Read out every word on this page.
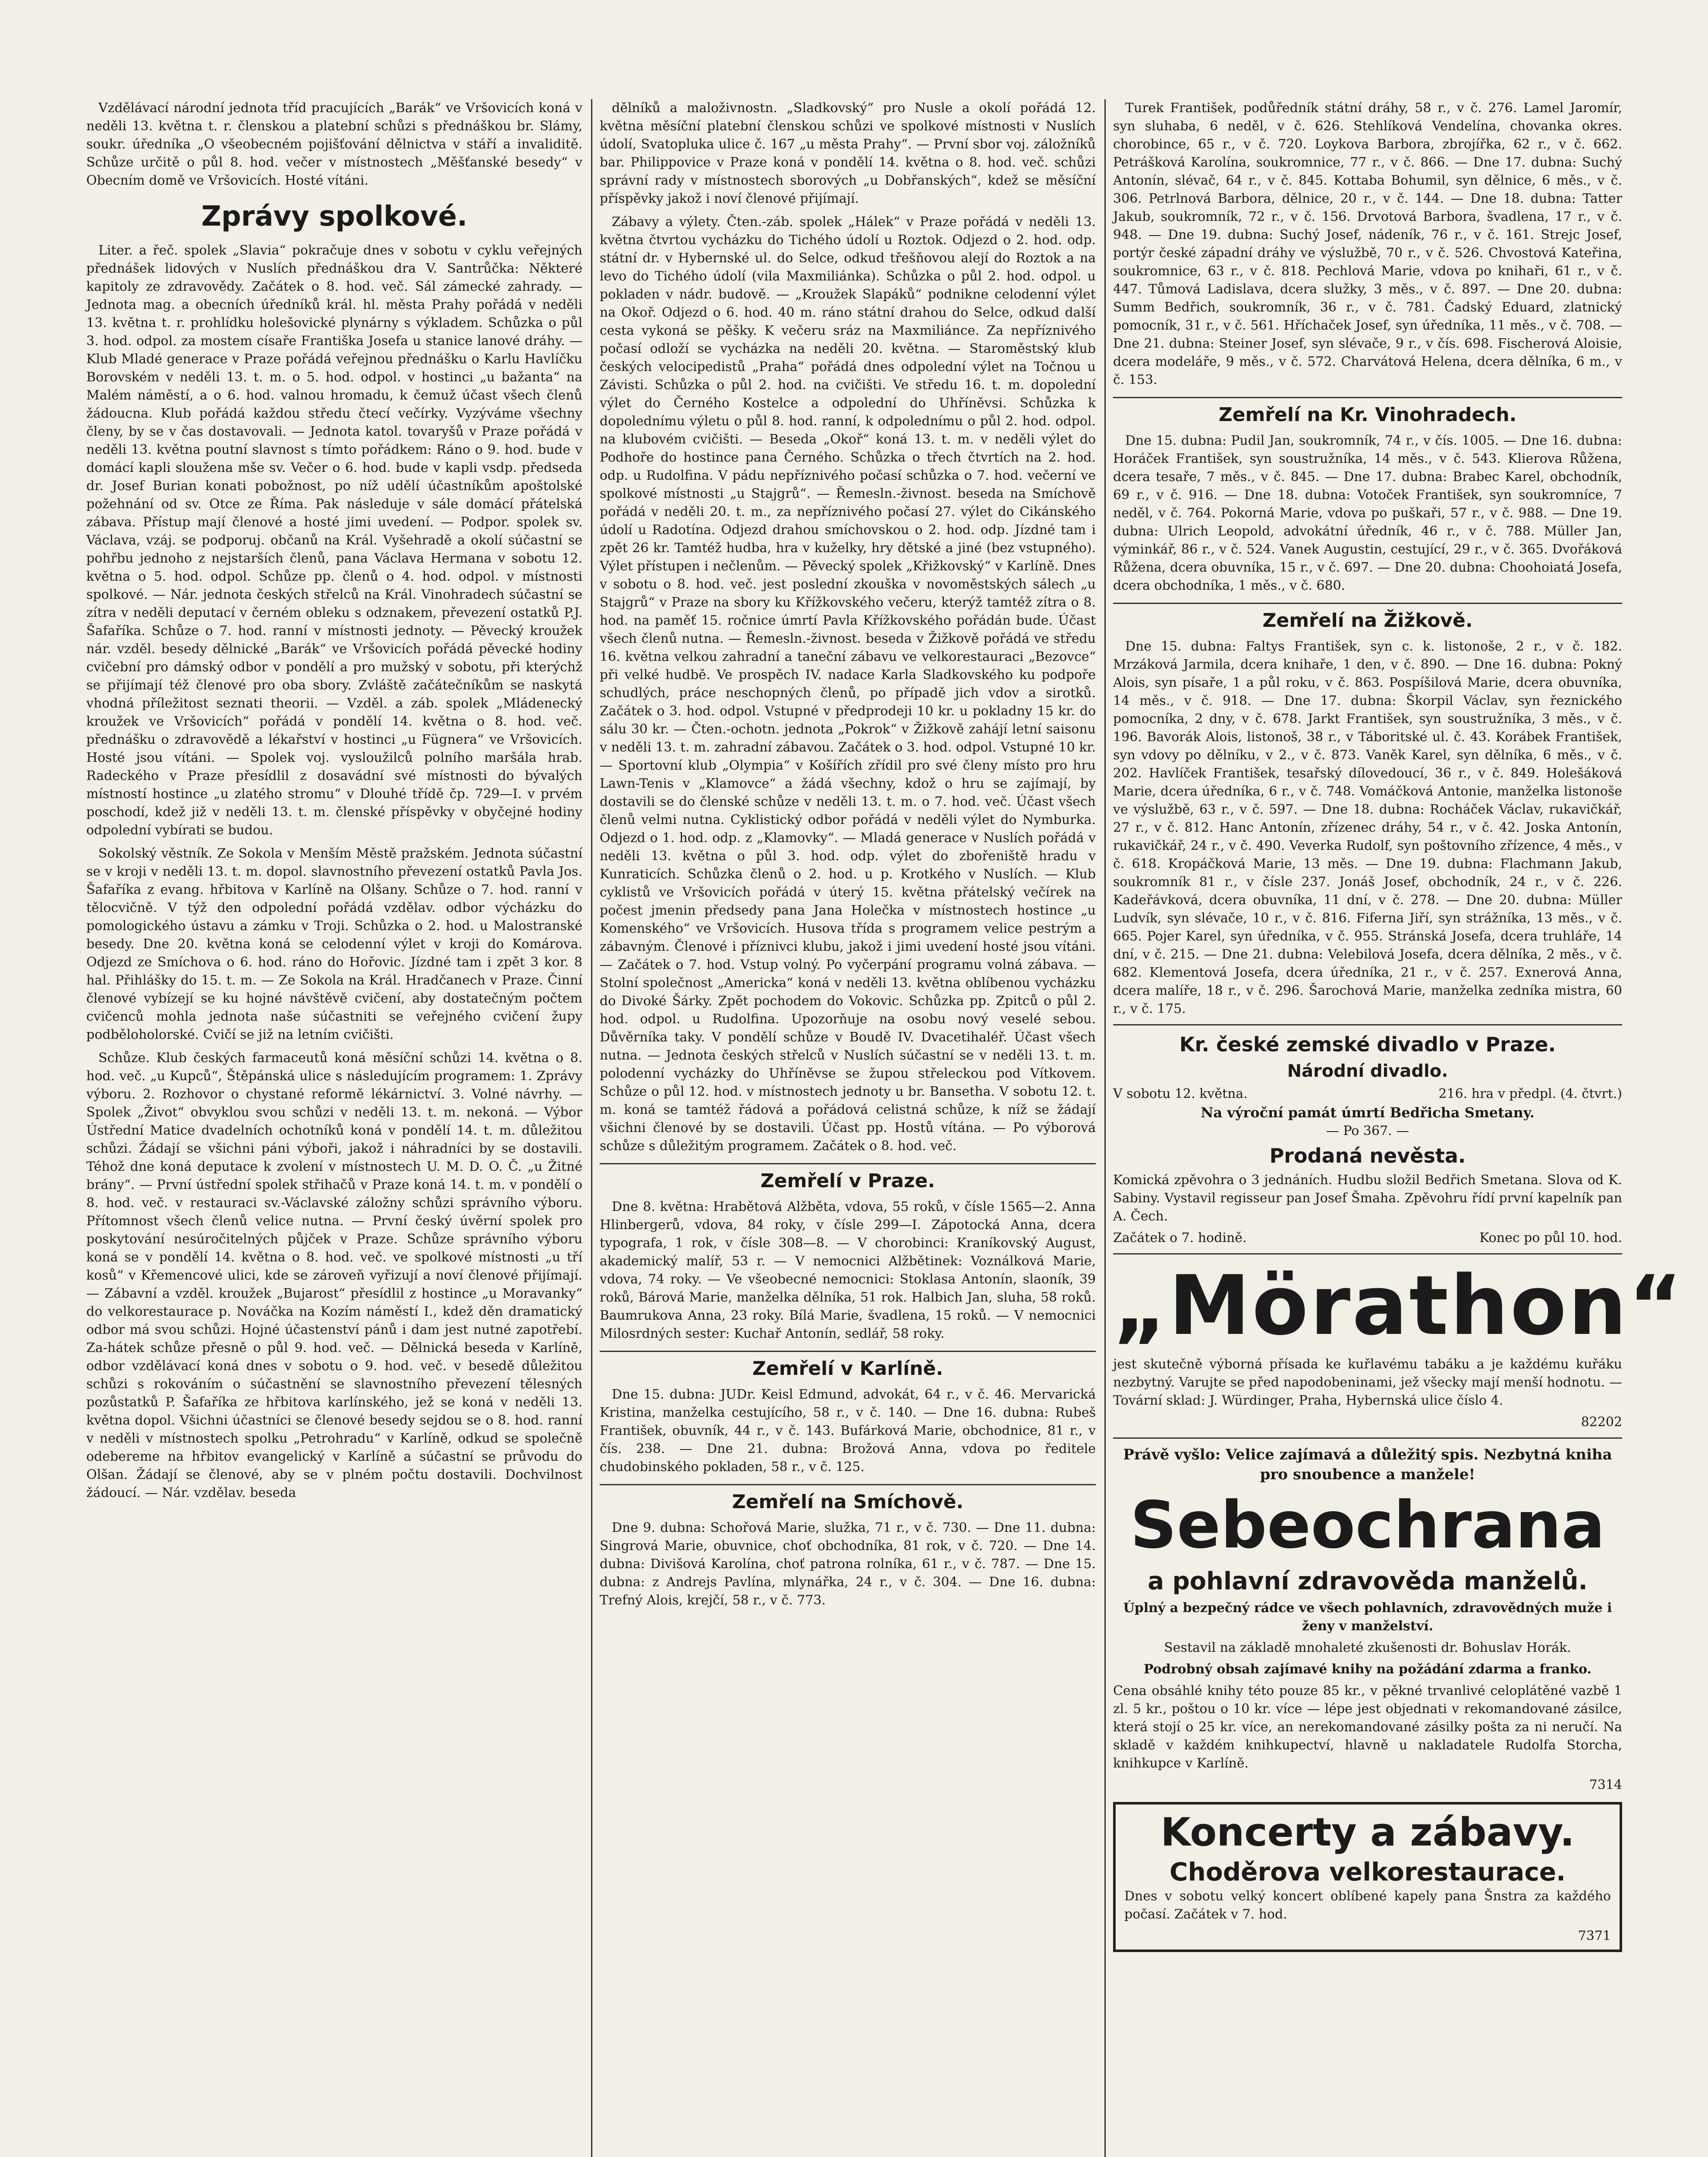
Vzdělávací národní jednota tříd pracujících „Barák“ ve Vršovicích koná v neděli 13. května t. r. členskou a platební schůzi s přednáškou br. Slámy, soukr. úředníka „O všeobecném pojišťování dělnictva v stáří a invaliditě. Schůze určitě o půl 8. hod. večer v místnostech „Měšťanské besedy“ v Obecním domě ve Vršovicích. Hosté vítáni.

Zprávy spolkové.

Liter. a řeč. spolek „Slavia“ pokračuje dnes v sobotu v cyklu veřejných přednášek lidových v Nuslích přednáškou dra V. Santrůčka: Některé kapitoly ze zdravovědy. Začátek o 8. hod. več. Sál zámecké zahrady. — Jednota mag. a obecních úředníků král. hl. města Prahy pořádá v neděli 13. května t. r. prohlídku holešovické plynárny s výkladem. Schůzka o půl 3. hod. odpol. za mostem císaře Františka Josefa u stanice lanové dráhy. — Klub Mladé generace v Praze pořádá veřejnou přednášku o Karlu Havlíčku Borovském v neděli 13. t. m. o 5. hod. odpol. v hostinci „u bažanta“ na Malém náměstí, a o 6. hod. valnou hromadu, k čemuž účast všech členů žádoucna. Klub pořádá každou středu čtecí večírky. Vyzýváme všechny členy, by se v čas dostavovali. — Jednota katol. tovaryšů v Praze pořádá v neděli 13. května poutní slavnost s tímto pořádkem: Ráno o 9. hod. bude v domácí kapli sloužena mše sv. Večer o 6. hod. bude v kapli vsdp. předseda dr. Josef Burian konati pobožnost, po níž udělí účastníkům apoštolské požehnání od sv. Otce ze Říma. Pak následuje v sále domácí přátelská zábava. Přístup mají členové a hosté jimi uvedení. — Podpor. spolek sv. Václava, vzáj. se podporuj. občanů na Král. Vyšehradě a okolí súčastní se pohřbu jednoho z nejstarších členů, pana Václava Hermana v sobotu 12. května o 5. hod. odpol. Schůze pp. členů o 4. hod. odpol. v místnosti spolkové. — Nár. jednota českých střelců na Král. Vinohradech súčastní se zítra v neděli deputací v černém obleku s odznakem, převezení ostatků P.J. Šafaříka. Schůze o 7. hod. ranní v místnosti jednoty. — Pěvecký kroužek nár. vzděl. besedy dělnické „Barák“ ve Vršovicích pořádá pěvecké hodiny cvičební pro dámský odbor v pondělí a pro mužský v sobotu, při kterýchž se přijímají též členové pro oba sbory. Zvláště začátečníkům se naskytá vhodná příležitost seznati theorii. — Vzděl. a záb. spolek „Mládenecký kroužek ve Vršovicích“ pořádá v pondělí 14. května o 8. hod. več. přednášku o zdravovědě a lékařství v hostinci „u Fügnera“ ve Vršovicích. Hosté jsou vítáni. — Spolek voj. vysloužilců polního maršála hrab. Radeckého v Praze přesídlil z dosavádní své místnosti do bývalých místností hostince „u zlatého stromu“ v Dlouhé třídě čp. 729—I. v prvém poschodí, kdež již v neděli 13. t. m. členské příspěvky v obyčejné hodiny odpolední vybírati se budou.

Sokolský věstník. Ze Sokola v Menším Městě pražském. Jednota súčastní se v kroji v neděli 13. t. m. dopol. slavnostního převezení ostatků Pavla Jos. Šafaříka z evang. hřbitova v Karlíně na Olšany. Schůze o 7. hod. ranní v tělocvičně. V týž den odpolední pořádá vzdělav. odbor výcházku do pomologického ústavu a zámku v Troji. Schůzka o 2. hod. u Malostranské besedy. Dne 20. května koná se celodenní výlet v kroji do Komárova. Odjezd ze Smíchova o 6. hod. ráno do Hořovic. Jízdné tam i zpět 3 kor. 8 hal. Přihlášky do 15. t. m. — Ze Sokola na Král. Hradčanech v Praze. Činní členové vybízejí se ku hojné návštěvě cvičení, aby dostatečným počtem cvičenců mohla jednota naše súčastniti se veřejného cvičení župy podběloholorské. Cvičí se již na letním cvičišti.

Schůze. Klub českých farmaceutů koná měsíční schůzi 14. května o 8. hod. več. „u Kupců“, Štěpánská ulice s následujícím programem: 1. Zprávy výboru. 2. Rozhovor o chystané reformě lékárnictví. 3. Volné návrhy. — Spolek „Život“ obvyklou svou schůzi v neděli 13. t. m. nekoná. — Výbor Ústřední Matice dvadelních ochotníků koná v pondělí 14. t. m. důležitou schůzi. Žádají se všichni páni výboři, jakož i náhradníci by se dostavili. Téhož dne koná deputace k zvolení v místnostech U. M. D. O. Č. „u Žitné brány“. — První ústřední spolek střihačů v Praze koná 14. t. m. v pondělí o 8. hod. več. v restauraci sv.-Václavské záložny schůzi správního výboru. Přítomnost všech členů velice nutna. — První český úvěrní spolek pro poskytování nesúročitelných půjček v Praze. Schůze správního výboru koná se v pondělí 14. května o 8. hod. več. ve spolkové místnosti „u tří kosů“ v Křemencové ulici, kde se zároveň vyřizují a noví členové přijímají. — Zábavní a vzděl. kroužek „Bujarost“ přesídlil z hostince „u Moravanky“ do velkorestaurace p. Nováčka na Kozím náměstí I., kdež děn dramatický odbor má svou schůzi. Hojné účastenství pánů i dam jest nutné zapotřebí. Za-hátek schůze přesně o půl 9. hod. več. — Dělnická beseda v Karlíně, odbor vzdělávací koná dnes v sobotu o 9. hod. več. v besedě důležitou schůzi s rokováním o súčastnění se slavnostního převezení tělesných pozůstatků P. Šafaříka ze hřbitova karlínského, jež se koná v neděli 13. května dopol. Všichni účastníci se členové besedy sejdou se o 8. hod. ranní v neděli v místnostech spolku „Petrohradu“ v Karlíně, odkud se společně odebereme na hřbitov evangelický v Karlíně a súčastní se průvodu do Olšan. Žádají se členové, aby se v plném počtu dostavili. Dochvilnost žádoucí. — Nár. vzdělav. beseda

dělníků a maloživnostn. „Sladkovský“ pro Nusle a okolí pořádá 12. května měsíční platební členskou schůzi ve spolkové místnosti v Nuslích údolí, Svatopluka ulice č. 167 „u města Prahy“. — První sbor voj. záložníků bar. Philippovice v Praze koná v pondělí 14. května o 8. hod. več. schůzi správní rady v místnostech sborových „u Dobřanských“, kdež se měsíční příspěvky jakož i noví členové přijímají.

Zábavy a výlety. Čten.-záb. spolek „Hálek“ v Praze pořádá v neděli 13. května čtvrtou vycházku do Tichého údolí u Roztok. Odjezd o 2. hod. odp. státní dr. v Hybernské ul. do Selce, odkud třešňovou alejí do Roztok a na levo do Tichého údolí (vila Maxmiliánka). Schůzka o půl 2. hod. odpol. u pokladen v nádr. budově. — „Kroužek Slapáků“ podnikne celodenní výlet na Okoř. Odjezd o 6. hod. 40 m. ráno státní drahou do Selce, odkud další cesta vykoná se pěšky. K večeru sráz na Maxmiliánce. Za nepříznivého počasí odloží se vycházka na neděli 20. května. — Staroměstský klub českých velocipedistů „Praha“ pořádá dnes odpolední výlet na Točnou u Závisti. Schůzka o půl 2. hod. na cvičišti. Ve středu 16. t. m. dopolední výlet do Černého Kostelce a odpolední do Uhříněvsi. Schůzka k dopolednímu výletu o půl 8. hod. ranní, k odpolednímu o půl 2. hod. odpol. na klubovém cvičišti. — Beseda „Okoř“ koná 13. t. m. v neděli výlet do Podhoře do hostince pana Černého. Schůzka o třech čtvrtích na 2. hod. odp. u Rudolfina. V pádu nepříznivého počasí schůzka o 7. hod. večerní ve spolkové místnosti „u Stajgrů“. — Řemesln.-živnost. beseda na Smíchově pořádá v neděli 20. t. m., za nepříznivého počasí 27. výlet do Cikánského údolí u Radotína. Odjezd drahou smíchovskou o 2. hod. odp. Jízdné tam i zpět 26 kr. Tamtéž hudba, hra v kuželky, hry dětské a jiné (bez vstupného). Výlet přístupen i nečlenům. — Pěvecký spolek „Křižkovský“ v Karlíně. Dnes v sobotu o 8. hod. več. jest poslední zkouška v novoměstských sálech „u Stajgrů“ v Praze na sbory ku Křížkovského večeru, kterýž tamtéž zítra o 8. hod. na paměť 15. ročnice úmrtí Pavla Křížkovského pořádán bude. Účast všech členů nutna. — Řemesln.-živnost. beseda v Žižkově pořádá ve středu 16. května velkou zahradní a taneční zábavu ve velkorestauraci „Bezovce“ při velké hudbě. Ve prospěch IV. nadace Karla Sladkovského ku podpoře schudlých, práce neschopných členů, po případě jich vdov a sirotků. Začátek o 3. hod. odpol. Vstupné v předprodeji 10 kr. u pokladny 15 kr. do sálu 30 kr. — Čten.-ochotn. jednota „Pokrok“ v Žižkově zahájí letní saisonu v neděli 13. t. m. zahradní zábavou. Začátek o 3. hod. odpol. Vstupné 10 kr. — Sportovní klub „Olympia“ v Košířích zřídil pro své členy místo pro hru Lawn-Tenis v „Klamovce“ a žádá všechny, kdož o hru se zajímají, by dostavili se do členské schůze v neděli 13. t. m. o 7. hod. več. Účast všech členů velmi nutna. Cyklistický odbor pořádá v neděli výlet do Nymburka. Odjezd o 1. hod. odp. z „Klamovky“. — Mladá generace v Nuslích pořádá v neděli 13. května o půl 3. hod. odp. výlet do zbořeniště hradu v Kunraticích. Schůzka členů o 2. hod. u p. Krotkého v Nuslích. — Klub cyklistů ve Vršovicích pořádá v úterý 15. května přátelský večírek na počest jmenin předsedy pana Jana Holečka v místnostech hostince „u Komenského“ ve Vršovicích. Husova třída s programem velice pestrým a zábavným. Členové i příznivci klubu, jakož i jimi uvedení hosté jsou vítáni. — Začátek o 7. hod. Vstup volný. Po vyčerpání programu volná zábava. — Stolní společnost „Americka“ koná v neděli 13. května oblíbenou vycházku do Divoké Šárky. Zpět pochodem do Vokovic. Schůzka pp. Zpitců o půl 2. hod. odpol. u Rudolfina. Upozorňuje na osobu nový veselé sebou. Důvěrníka taky. V pondělí schůze v Boudě IV. Dvacetihaléř. Účast všech nutna. — Jednota českých střelců v Nuslích súčastní se v neděli 13. t. m. polodenní vycházky do Uhříněvse se župou střeleckou pod Vítkovem. Schůze o půl 12. hod. v místnostech jednoty u br. Bansetha. V sobotu 12. t. m. koná se tamtéž řádová a pořádová celistná schůze, k níž se žádají všichni členové by se dostavili. Účast pp. Hostů vítána. — Po výborová schůze s důležitým programem. Začátek o 8. hod. več.

Zemřelí v Praze.

Dne 8. května: Hrabětová Alžběta, vdova, 55 roků, v čísle 1565—2. Anna Hlinbergerů, vdova, 84 roky, v čísle 299—I. Zápotocká Anna, dcera typografa, 1 rok, v čísle 308—8. — V chorobinci: Kraníkovský August, akademický malíř, 53 r. — V nemocnici Alžbětinek: Voználková Marie, vdova, 74 roky. — Ve všeobecné nemocnici: Stoklasa Antonín, slaoník, 39 roků, Bárová Marie, manželka dělníka, 51 rok. Halbich Jan, sluha, 58 roků. Baumrukova Anna, 23 roky. Bílá Marie, švadlena, 15 roků. — V nemocnici Milosrdných sester: Kuchař Antonín, sedlář, 58 roky.

Zemřelí v Karlíně.

Dne 15. dubna: JUDr. Keisl Edmund, advokát, 64 r., v č. 46. Mervarická Kristina, manželka cestujícího, 58 r., v č. 140. — Dne 16. dubna: Rubeš František, obuvník, 44 r., v č. 143. Bufárková Marie, obchodnice, 81 r., v čís. 238. — Dne 21. dubna: Brožová Anna, vdova po ředitele chudobinského pokladen, 58 r., v č. 125.

Zemřelí na Smíchově.

Dne 9. dubna: Schořová Marie, služka, 71 r., v č. 730. — Dne 11. dubna: Singrová Marie, obuvnice, choť obchodníka, 81 rok, v č. 720. — Dne 14. dubna: Divišová Karolína, choť patrona rolníka, 61 r., v č. 787. — Dne 15. dubna: z Andrejs Pavlína, mlynářka, 24 r., v č. 304. — Dne 16. dubna: Trefný Alois, krejčí, 58 r., v č. 773.

Turek František, podůředník státní dráhy, 58 r., v č. 276. Lamel Jaromír, syn sluhaba, 6 neděl, v č. 626. Stehlíková Vendelína, chovanka okres. chorobince, 65 r., v č. 720. Loykova Barbora, zbrojířka, 62 r., v č. 662. Petrášková Karolína, soukromnice, 77 r., v č. 866. — Dne 17. dubna: Suchý Antonín, slévač, 64 r., v č. 845. Kottaba Bohumil, syn dělnice, 6 měs., v č. 306. Petrlnová Barbora, dělnice, 20 r., v č. 144. — Dne 18. dubna: Tatter Jakub, soukromník, 72 r., v č. 156. Drvotová Barbora, švadlena, 17 r., v č. 948. — Dne 19. dubna: Suchý Josef, nádeník, 76 r., v č. 161. Strejc Josef, portýr české západní dráhy ve výslužbě, 70 r., v č. 526. Chvostová Kateřina, soukromnice, 63 r., v č. 818. Pechlová Marie, vdova po knihaři, 61 r., v č. 447. Tůmová Ladislava, dcera služky, 3 měs., v č. 897. — Dne 20. dubna: Summ Bedřich, soukromník, 36 r., v č. 781. Čadský Eduard, zlatnický pomocník, 31 r., v č. 561. Hříchaček Josef, syn úředníka, 11 měs., v č. 708. — Dne 21. dubna: Steiner Josef, syn slévače, 9 r., v čís. 698. Fischerová Aloisie, dcera modeláře, 9 měs., v č. 572. Charvátová Helena, dcera dělníka, 6 m., v č. 153.

Zemřelí na Kr. Vinohradech.

Dne 15. dubna: Pudil Jan, soukromník, 74 r., v čís. 1005. — Dne 16. dubna: Horáček František, syn soustružníka, 14 měs., v č. 543. Klierova Růžena, dcera tesaře, 7 měs., v č. 845. — Dne 17. dubna: Brabec Karel, obchodník, 69 r., v č. 916. — Dne 18. dubna: Votoček František, syn soukromníce, 7 neděl, v č. 764. Pokorná Marie, vdova po puškaři, 57 r., v č. 988. — Dne 19. dubna: Ulrich Leopold, advokátní úředník, 46 r., v č. 788. Müller Jan, výminkář, 86 r., v č. 524. Vanek Augustin, cestující, 29 r., v č. 365. Dvořáková Růžena, dcera obuvníka, 15 r., v č. 697. — Dne 20. dubna: Choohoiatá Josefa, dcera obchodníka, 1 měs., v č. 680.

Zemřelí na Žižkově.

Dne 15. dubna: Faltys František, syn c. k. listonoše, 2 r., v č. 182. Mrzáková Jarmila, dcera knihaře, 1 den, v č. 890. — Dne 16. dubna: Pokný Alois, syn písaře, 1 a půl roku, v č. 863. Pospíšilová Marie, dcera obuvníka, 14 měs., v č. 918. — Dne 17. dubna: Škorpil Václav, syn řeznického pomocníka, 2 dny, v č. 678. Jarkt František, syn soustružníka, 3 měs., v č. 196. Bavorák Alois, listonoš, 38 r., v Táboritské ul. č. 43. Korábek František, syn vdovy po dělníku, v 2., v č. 873. Vaněk Karel, syn dělníka, 6 měs., v č. 202. Havlíček František, tesařský dílovedoucí, 36 r., v č. 849. Holešáková Marie, dcera úředníka, 6 r., v č. 748. Vomáčková Antonie, manželka listonoše ve výslužbě, 63 r., v č. 597. — Dne 18. dubna: Rocháček Václav, rukavičkář, 27 r., v č. 812. Hanc Antonín, zřízenec dráhy, 54 r., v č. 42. Joska Antonín, rukavičkář, 24 r., v č. 490. Veverka Rudolf, syn poštovního zřízence, 4 měs., v č. 618. Kropáčková Marie, 13 měs. — Dne 19. dubna: Flachmann Jakub, soukromník 81 r., v čísle 237. Jonáš Josef, obchodník, 24 r., v č. 226. Kadeřávková, dcera obuvníka, 11 dní, v č. 278. — Dne 20. dubna: Müller Ludvík, syn slévače, 10 r., v č. 816. Fiferna Jiří, syn strážníka, 13 měs., v č. 665. Pojer Karel, syn úředníka, v č. 955. Stránská Josefa, dcera truhláře, 14 dní, v č. 215. — Dne 21. dubna: Velebilová Josefa, dcera dělníka, 2 měs., v č. 682. Klementová Josefa, dcera úředníka, 21 r., v č. 257. Exnerová Anna, dcera malíře, 18 r., v č. 296. Šarochová Marie, manželka zedníka mistra, 60 r., v č. 175.

Kr. české zemské divadlo v Praze.
Národní divadlo.
V sobotu 12. května.	216. hra v předpl. (4. čtvrt.)
Na výroční památ úmrtí Bedřicha Smetany.
— Po 367. —
Prodaná nevěsta.

Komická zpěvohra o 3 jednáních. Hudbu složil Bedřich Smetana. Slova od K. Sabiny. Vystavil regisseur pan Josef Šmaha. Zpěvohru řídí první kapelník pan A. Čech.

Začátek o 7. hodině.	Konec po půl 10. hod.
„Mörathon“

jest skutečně výborná přísada ke kuřlavému tabáku a je každému kuřáku nezbytný. Varujte se před napodobeninami, jež všecky mají menší hodnotu. — Tovární sklad: J. Würdinger, Praha, Hybernská ulice číslo 4.

82202
Právě vyšlo: Velice zajímavá a důležitý spis. Nezbytná kniha pro snoubence a manžele!
Sebeochrana
a pohlavní zdravověda manželů.

Úplný a bezpečný rádce ve všech pohlavních, zdravovědných muže i ženy v manželství.

Sestavil na základě mnohaleté zkušenosti dr. Bohuslav Horák.

Podrobný obsah zajímavé knihy na požádání zdarma a franko.

Cena obsáhlé knihy této pouze 85 kr., v pěkné trvanlivé celoplátěné vazbě 1 zl. 5 kr., poštou o 10 kr. více — lépe jest objednati v rekomandované zásilce, která stojí o 25 kr. více, an nerekomandované zásilky pošta za ni neručí. Na skladě v každém knihkupectví, hlavně u nakladatele Rudolfa Storcha, knihkupce v Karlíně.

7314
Koncerty a zábavy.
Choděrova velkorestaurace.

Dnes v sobotu velký koncert oblíbené kapely pana Šnstra za každého počasí. Začátek v 7. hod.

7371
